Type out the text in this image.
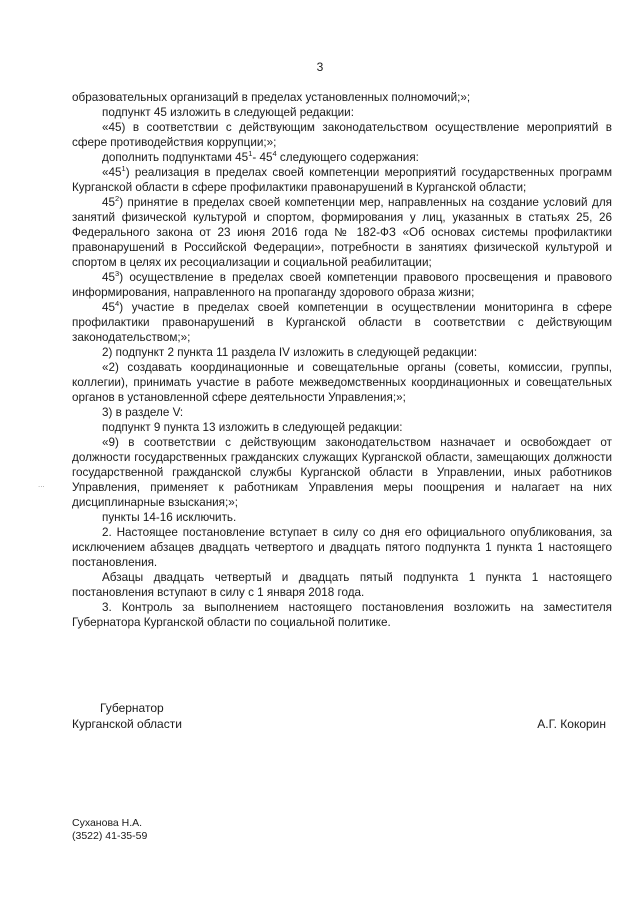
3

образовательных организаций в пределах установленных полномочий;»;

подпункт 45 изложить в следующей редакции:

«45) в соответствии с действующим законодательством осуществление мероприятий в сфере противодействия коррупции;»;

дополнить подпунктами $45^1-$ $45^4$ следующего содержания:

«$45^1$) реализация в пределах своей компетенции мероприятий государственных программ Курганской области в сфере профилактики правонарушений в Курганской области;

$45^2$) принятие в пределах своей компетенции мер, направленных на создание условий для занятий физической культурой и спортом, формирования у лиц, указанных в статьях 25, 26 Федерального закона от 23 июня 2016 года № 182-ФЗ «Об основах системы профилактики правонарушений в Российской Федерации», потребности в занятиях физической культурой и спортом в целях их ресоциализации и социальной реабилитации;

$45^3$) осуществление в пределах своей компетенции правового просвещения и правового информирования, направленного на пропаганду здорового образа жизни;

$45^4$) участие в пределах своей компетенции в осуществлении мониторинга в сфере профилактики правонарушений в Курганской области в соответствии с действующим законодательством;»;

2) подпункт 2 пункта 11 раздела IV изложить в следующей редакции:

«2) создавать координационные и совещательные органы (советы, комиссии, группы, коллегии), принимать участие в работе межведомственных координационных и совещательных органов в установленной сфере деятельности Управления;»;

3) в разделе V:

подпункт 9 пункта 13 изложить в следующей редакции:

«9) в соответствии с действующим законодательством назначает и освобождает от должности государственных гражданских служащих Курганской области, замещающих должности государственной гражданской службы Курганской области в Управлении, иных работников Управления, применяет к работникам Управления меры поощрения и налагает на них дисциплинарные взыскания;»;

пункты 14-16 исключить.

2. Настоящее постановление вступает в силу со дня его официального опубликования, за исключением абзацев двадцать четвертого и двадцать пятого подпункта 1 пункта 1 настоящего постановления.

Абзацы двадцать четвертый и двадцать пятый подпункта 1 пункта 1 настоящего постановления вступают в силу с 1 января 2018 года.

3. Контроль за выполнением настоящего постановления возложить на заместителя Губернатора Курганской области по социальной политике.

...
Губернатор
Курганской области	А.Г. Кокорин
Суханова Н.А.
(3522) 41-35-59
